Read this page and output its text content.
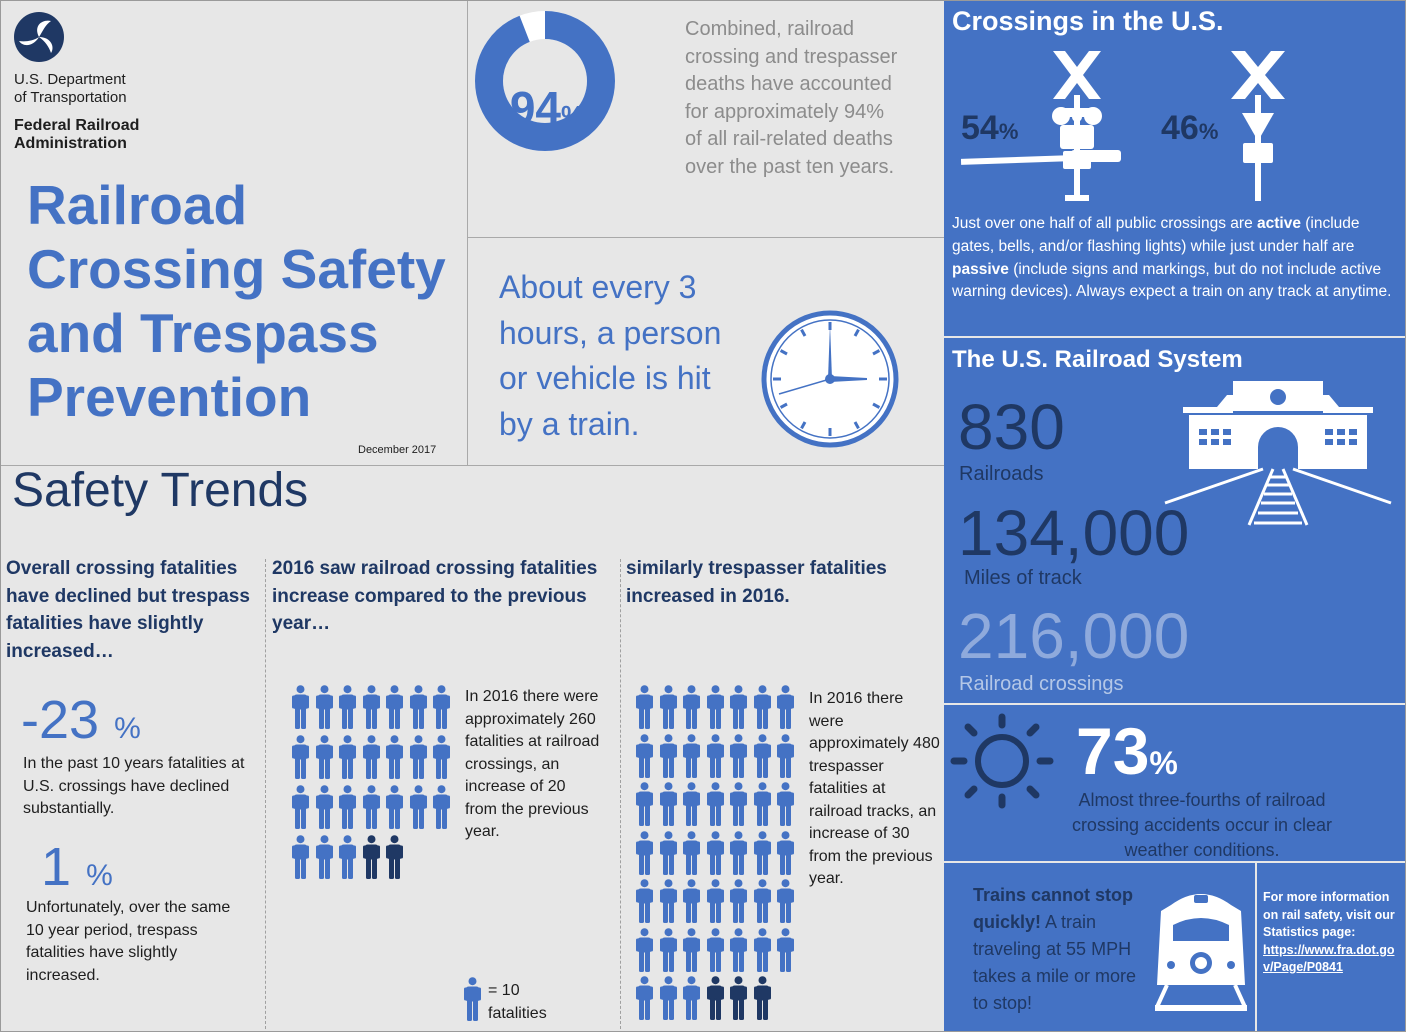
U.S. Department
of Transportation
Federal Railroad
Administration
Railroad
Crossing Safety
and Trespass
Prevention
December 2017
94%
Combined, railroad crossing and trespasser deaths have accounted for approximately 94% of all rail-related deaths over the past ten years.
About every 3 hours, a person or vehicle is hit by a train.
Safety Trends
Overall crossing fatalities have declined but trespass fatalities have slightly increased…
-23 %
In the past 10 years fatalities at U.S. crossings have declined substantially.
1 %
Unfortunately, over the same 10 year period, trespass fatalities have slightly increased.
2016 saw railroad crossing fatalities increase compared to the previous year…
In 2016 there were approximately 260 fatalities at railroad crossings, an increase of 20 from the previous year.
= 10
fatalities
similarly trespasser fatalities increased in 2016.
In 2016 there were approximately 480 trespasser fatalities at railroad tracks, an increase of 30 from the previous year.
Crossings in the U.S.
54%	46%
Just over one half of all public crossings are active (include gates, bells, and/or flashing lights) while just under half are passive (include signs and markings, but do not include active warning devices). Always expect a train on any track at anytime.
The U.S. Railroad System
830
Railroads
134,000
Miles of track
216,000
Railroad crossings
73%
Almost three-fourths of railroad crossing accidents occur in clear weather conditions.
Trains cannot stop quickly! A train traveling at 55 MPH takes a mile or more to stop!
For more information on rail safety, visit our Statistics page:
https://www.fra.dot.gov/Page/P0841
